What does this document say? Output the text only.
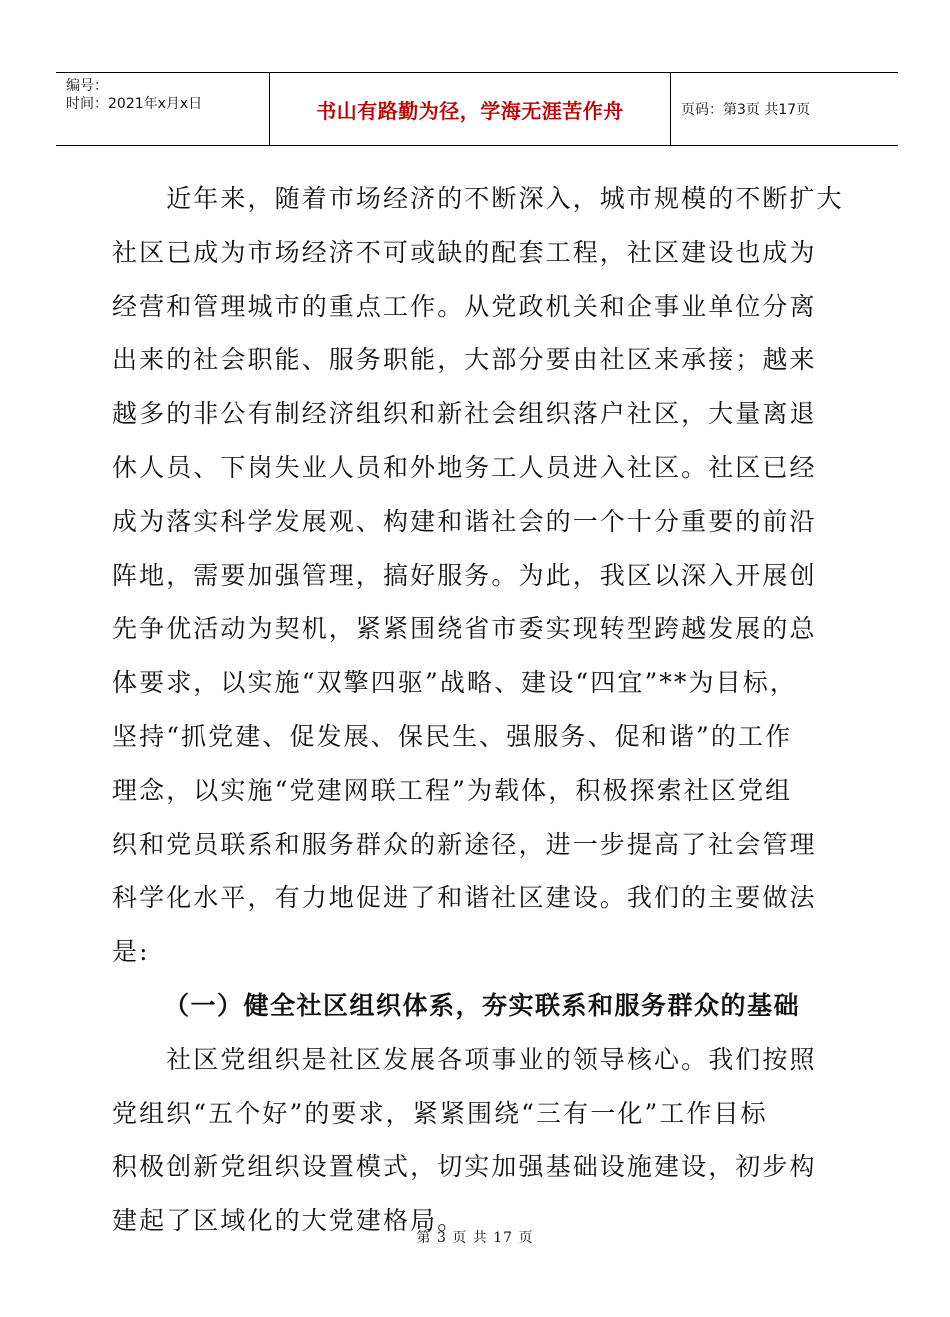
编号：
时间：2021年x月x日	书山有路勤为径，学海无涯苦作舟	页码：第3页 共17页
　　近年来，随着市场经济的不断深入，城市规模的不断扩大
社区已成为市场经济不可或缺的配套工程，社区建设也成为
经营和管理城市的重点工作。从党政机关和企事业单位分离
出来的社会职能、服务职能，大部分要由社区来承接；越来
越多的非公有制经济组织和新社会组织落户社区，大量离退
休人员、下岗失业人员和外地务工人员进入社区。社区已经
成为落实科学发展观、构建和谐社会的一个十分重要的前沿
阵地，需要加强管理，搞好服务。为此，我区以深入开展创
先争优活动为契机，紧紧围绕省市委实现转型跨越发展的总
体要求，以实施“双擎四驱”战略、建设“四宜”**为目标，
坚持“抓党建、促发展、保民生、强服务、促和谐”的工作
理念，以实施“党建网联工程”为载体，积极探索社区党组
织和党员联系和服务群众的新途径，进一步提高了社会管理
科学化水平，有力地促进了和谐社区建设。我们的主要做法
是:
（一）健全社区组织体系，夯实联系和服务群众的基础
　　社区党组织是社区发展各项事业的领导核心。我们按照
党组织“五个好”的要求，紧紧围绕“三有一化”工作目标
积极创新党组织设置模式，切实加强基础设施建设，初步构
建起了区域化的大党建格局。
第 3 页 共 17 页
